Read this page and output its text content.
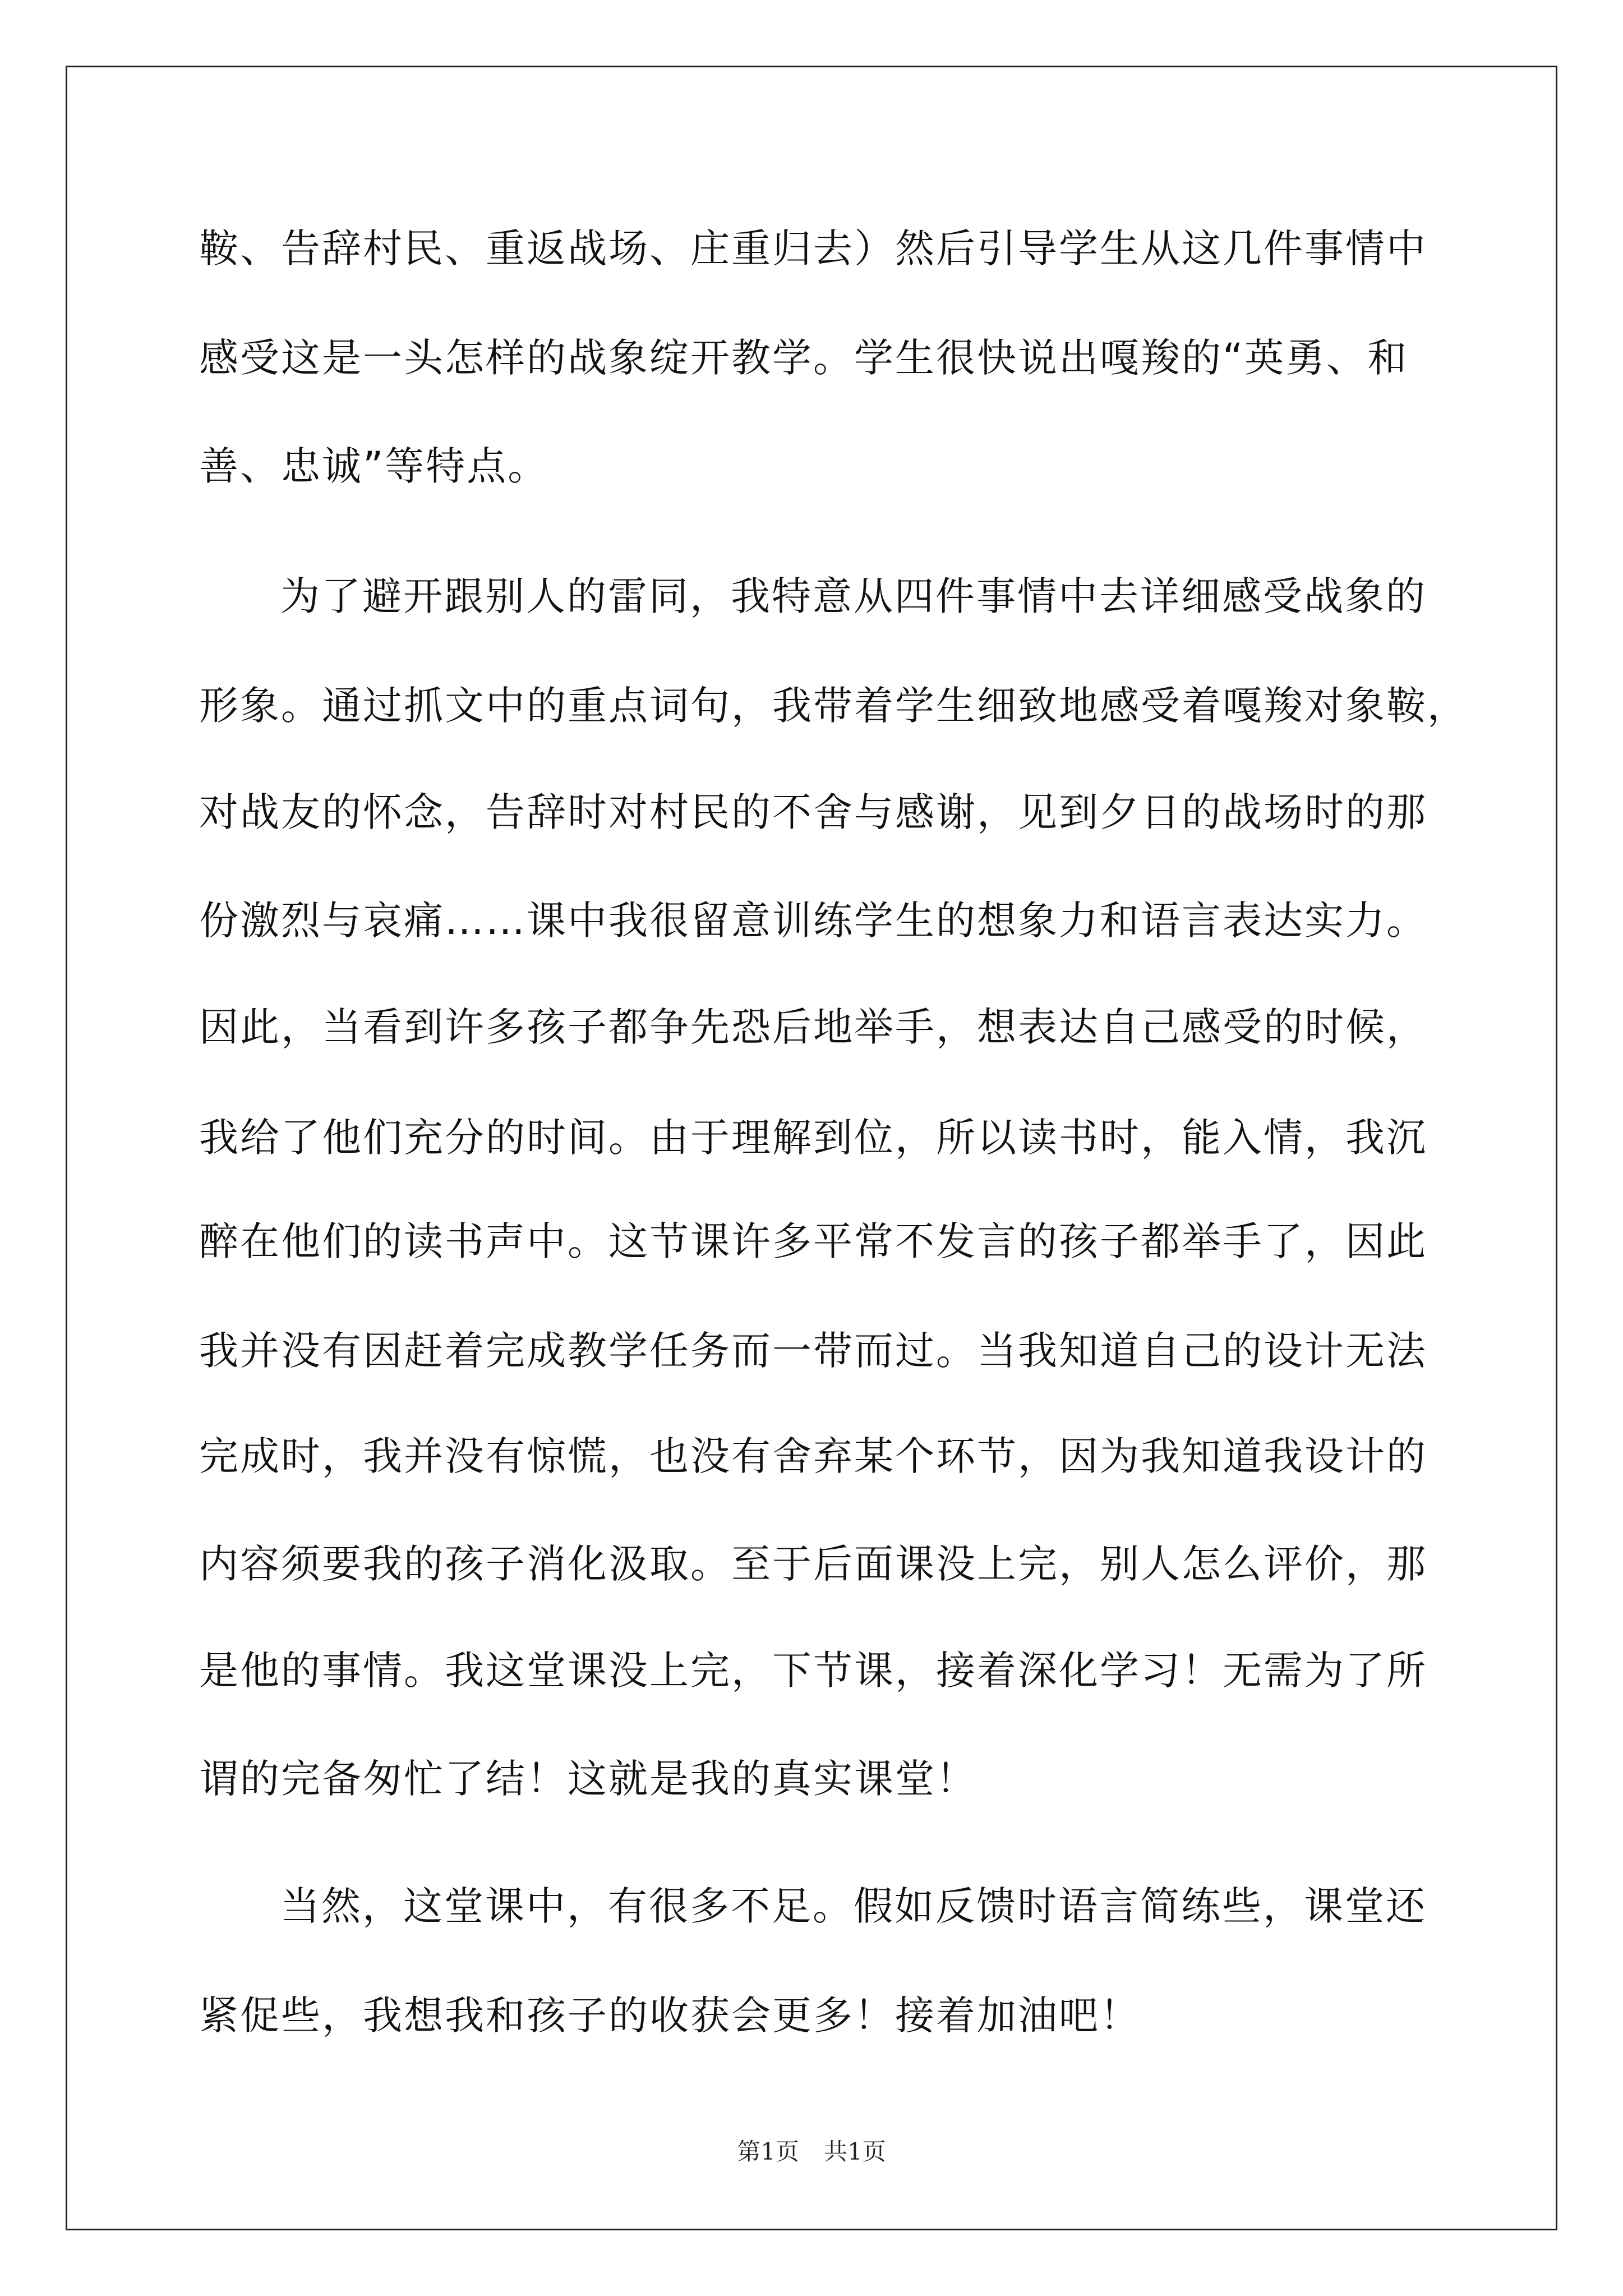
鞍、告辞村民、重返战场、庄重归去）然后引导学生从这几件事情中
感受这是一头怎样的战象绽开教学。学生很快说出嘎羧的“英勇、和
善、忠诚”等特点。
为了避开跟别人的雷同，我特意从四件事情中去详细感受战象的
形象。通过抓文中的重点词句，我带着学生细致地感受着嘎羧对象鞍，
对战友的怀念，告辞时对村民的不舍与感谢，见到夕日的战场时的那
份激烈与哀痛……课中我很留意训练学生的想象力和语言表达实力。
因此，当看到许多孩子都争先恐后地举手，想表达自己感受的时候，
我给了他们充分的时间。由于理解到位，所以读书时，能入情，我沉
醉在他们的读书声中。这节课许多平常不发言的孩子都举手了，因此
我并没有因赶着完成教学任务而一带而过。当我知道自己的设计无法
完成时，我并没有惊慌，也没有舍弃某个环节，因为我知道我设计的
内容须要我的孩子消化汲取。至于后面课没上完，别人怎么评价，那
是他的事情。我这堂课没上完，下节课，接着深化学习！无需为了所
谓的完备匆忙了结！这就是我的真实课堂！
当然，这堂课中，有很多不足。假如反馈时语言简练些，课堂还
紧促些，我想我和孩子的收获会更多！接着加油吧！
第1页 共1页
